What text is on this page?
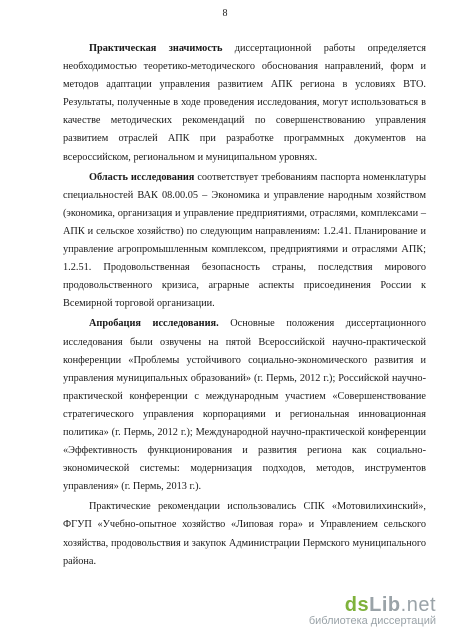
8

Практическая значимость диссертационной работы определяется необходимостью теоретико-методического обоснования направлений, форм и методов адаптации управления развитием АПК региона в условиях ВТО. Результаты, полученные в ходе проведения исследования, могут использоваться в качестве методических рекомендаций по совершенствованию управления развитием отраслей АПК при разработке программных документов на всероссийском, региональном и муниципальном уровнях.

Область исследования соответствует требованиям паспорта номенклатуры специальностей ВАК 08.00.05 – Экономика и управление народным хозяйством (экономика, организация и управление предприятиями, отраслями, комплексами – АПК и сельское хозяйство) по следующим направлениям: 1.2.41. Планирование и управление агропромышленным комплексом, предприятиями и отраслями АПК; 1.2.51. Продовольственная безопасность страны, последствия мирового продовольственного кризиса, аграрные аспекты присоединения России к Всемирной торговой организации.

Апробация исследования. Основные положения диссертационного исследования были озвучены на пятой Всероссийской научно-практической конференции «Проблемы устойчивого социально-экономического развития и управления муниципальных образований» (г. Пермь, 2012 г.); Российской научно-практической конференции с международным участием «Совершенствование стратегического управления корпорациями и региональная инновационная политика» (г. Пермь, 2012 г.); Международной научно-практической конференции «Эффективность функционирования и развития региона как социально-экономической системы: модернизация подходов, методов, инструментов управления» (г. Пермь, 2013 г.).

Практические рекомендации использовались СПК «Мотовилихинский», ФГУП «Учебно-опытное хозяйство «Липовая гора» и Управлением сельского хозяйства, продовольствия и закупок Администрации Пермского муниципального района.

dsLib.net
библиотека диссертаций
